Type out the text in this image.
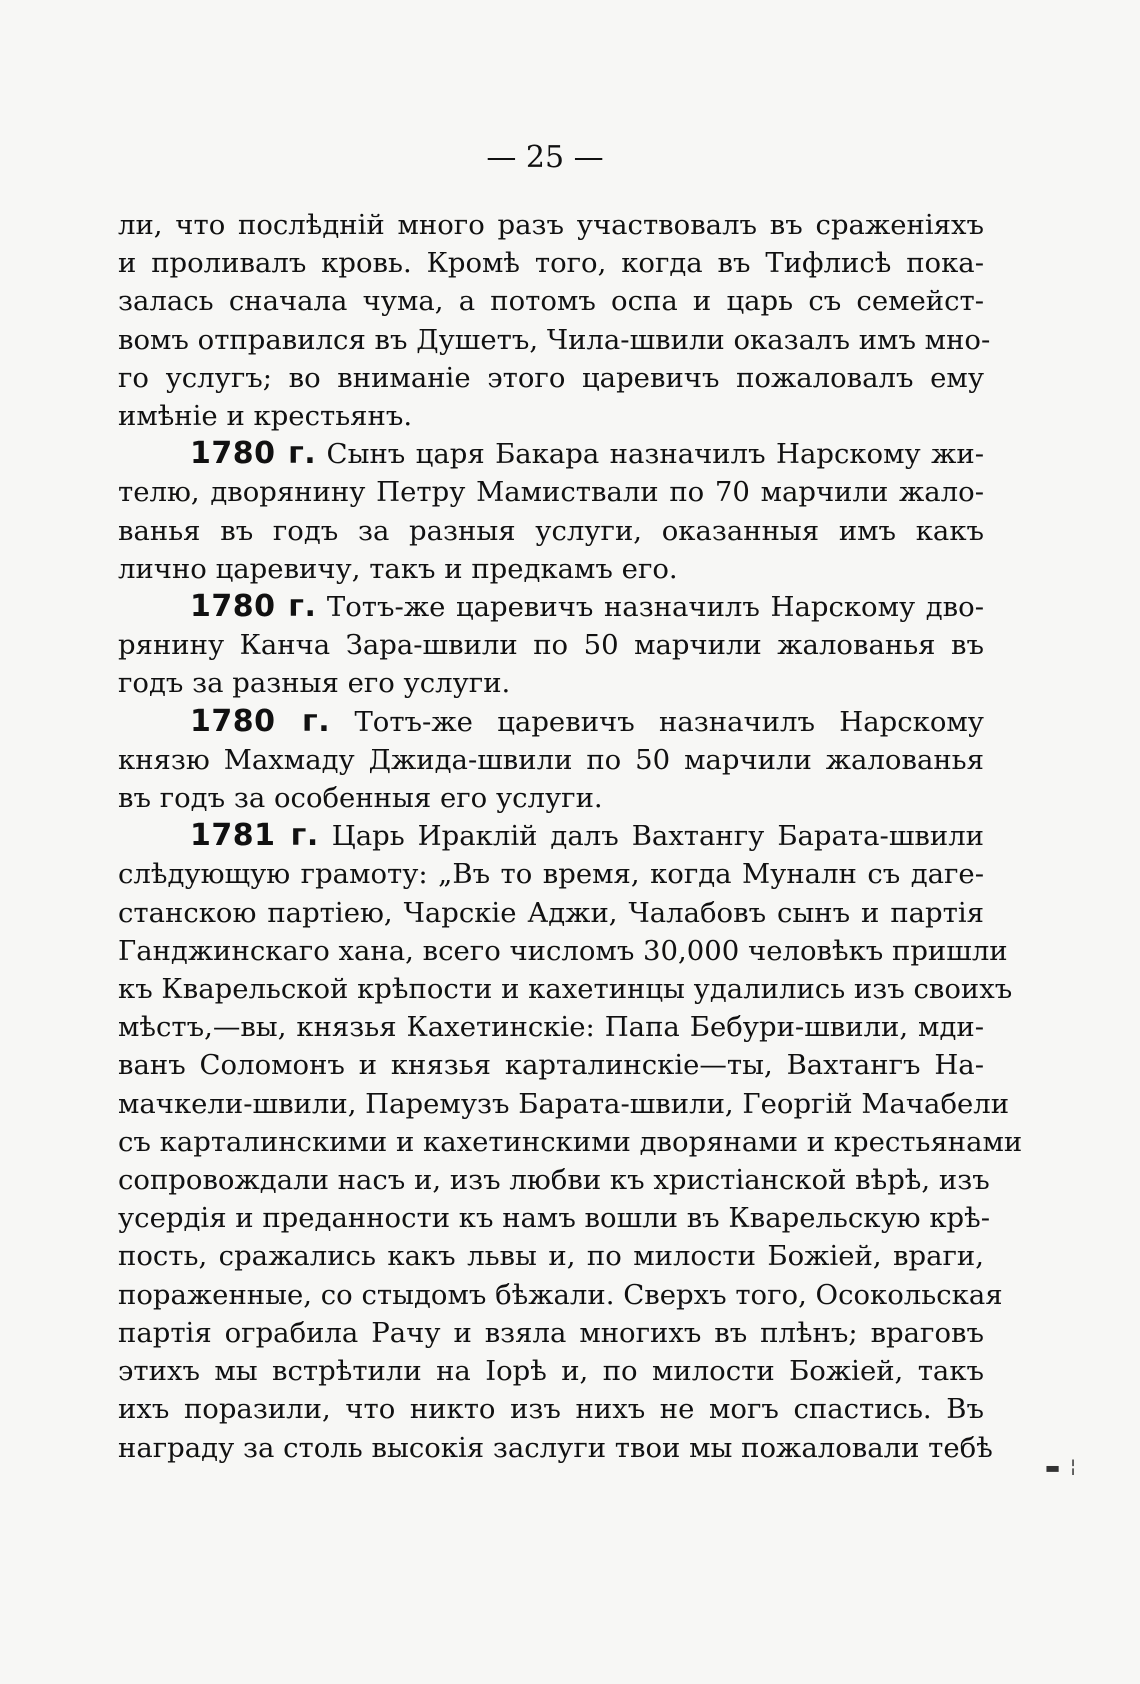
— 25 —

ли, что послѣдній много разъ участвовалъ въ сраженіяхъ
и проливалъ кровь. Кромѣ того, когда въ Тифлисѣ пока-
залась сначала чума, а потомъ оспа и царь съ семейст-
вомъ отправился въ Душетъ, Чила-швили оказалъ имъ мно-
го услугъ; во вниманіе этого царевичъ пожаловалъ ему
имѣніе и крестьянъ.

1780 г. Сынъ царя Бакара назначилъ Нарскому жи-
телю, дворянину Петру Мамиствали по 70 марчили жало-
ванья въ годъ за разныя услуги, оказанныя имъ какъ
лично царевичу, такъ и предкамъ его.

1780 г. Тотъ-же царевичъ назначилъ Нарскому дво-
рянину Канча Зара-швили по 50 марчили жалованья въ
годъ за разныя его услуги.

1780 г. Тотъ-же царевичъ назначилъ Нарскому
князю Махмаду Джида-швили по 50 марчили жалованья
въ годъ за особенныя его услуги.

1781 г. Царь Ираклій далъ Вахтангу Барата-швили
слѣдующую грамоту: „Въ то время, когда Муналн съ даге-
станскою партіею, Чарскіе Аджи, Чалабовъ сынъ и партія
Ганджинскаго хана, всего числомъ 30,000 человѣкъ пришли
къ Кварельской крѣпости и кахетинцы удалились изъ своихъ
мѣстъ,—вы, князья Кахетинскіе: Папа Бебури-швили, мди-
ванъ Соломонъ и князья карталинскіе—ты, Вахтангъ На-
мачкели-швили, Паремузъ Барата-швили, Георгій Мачабели
съ карталинскими и кахетинскими дворянами и крестьянами
сопровождали насъ и, изъ любви къ христіанской вѣрѣ, изъ
усердія и преданности къ намъ вошли въ Кварельскую крѣ-
пость, сражались какъ львы и, по милости Божіей, враги,
пораженные, со стыдомъ бѣжали. Сверхъ того, Осокольская
партія ограбила Рачу и взяла многихъ въ плѣнъ; враговъ
этихъ мы встрѣтили на Іорѣ и, по милости Божіей, такъ
ихъ поразили, что никто изъ нихъ не могъ спастись. Въ
награду за столь высокія заслуги твои мы пожаловали тебѣ

▬ ¦
